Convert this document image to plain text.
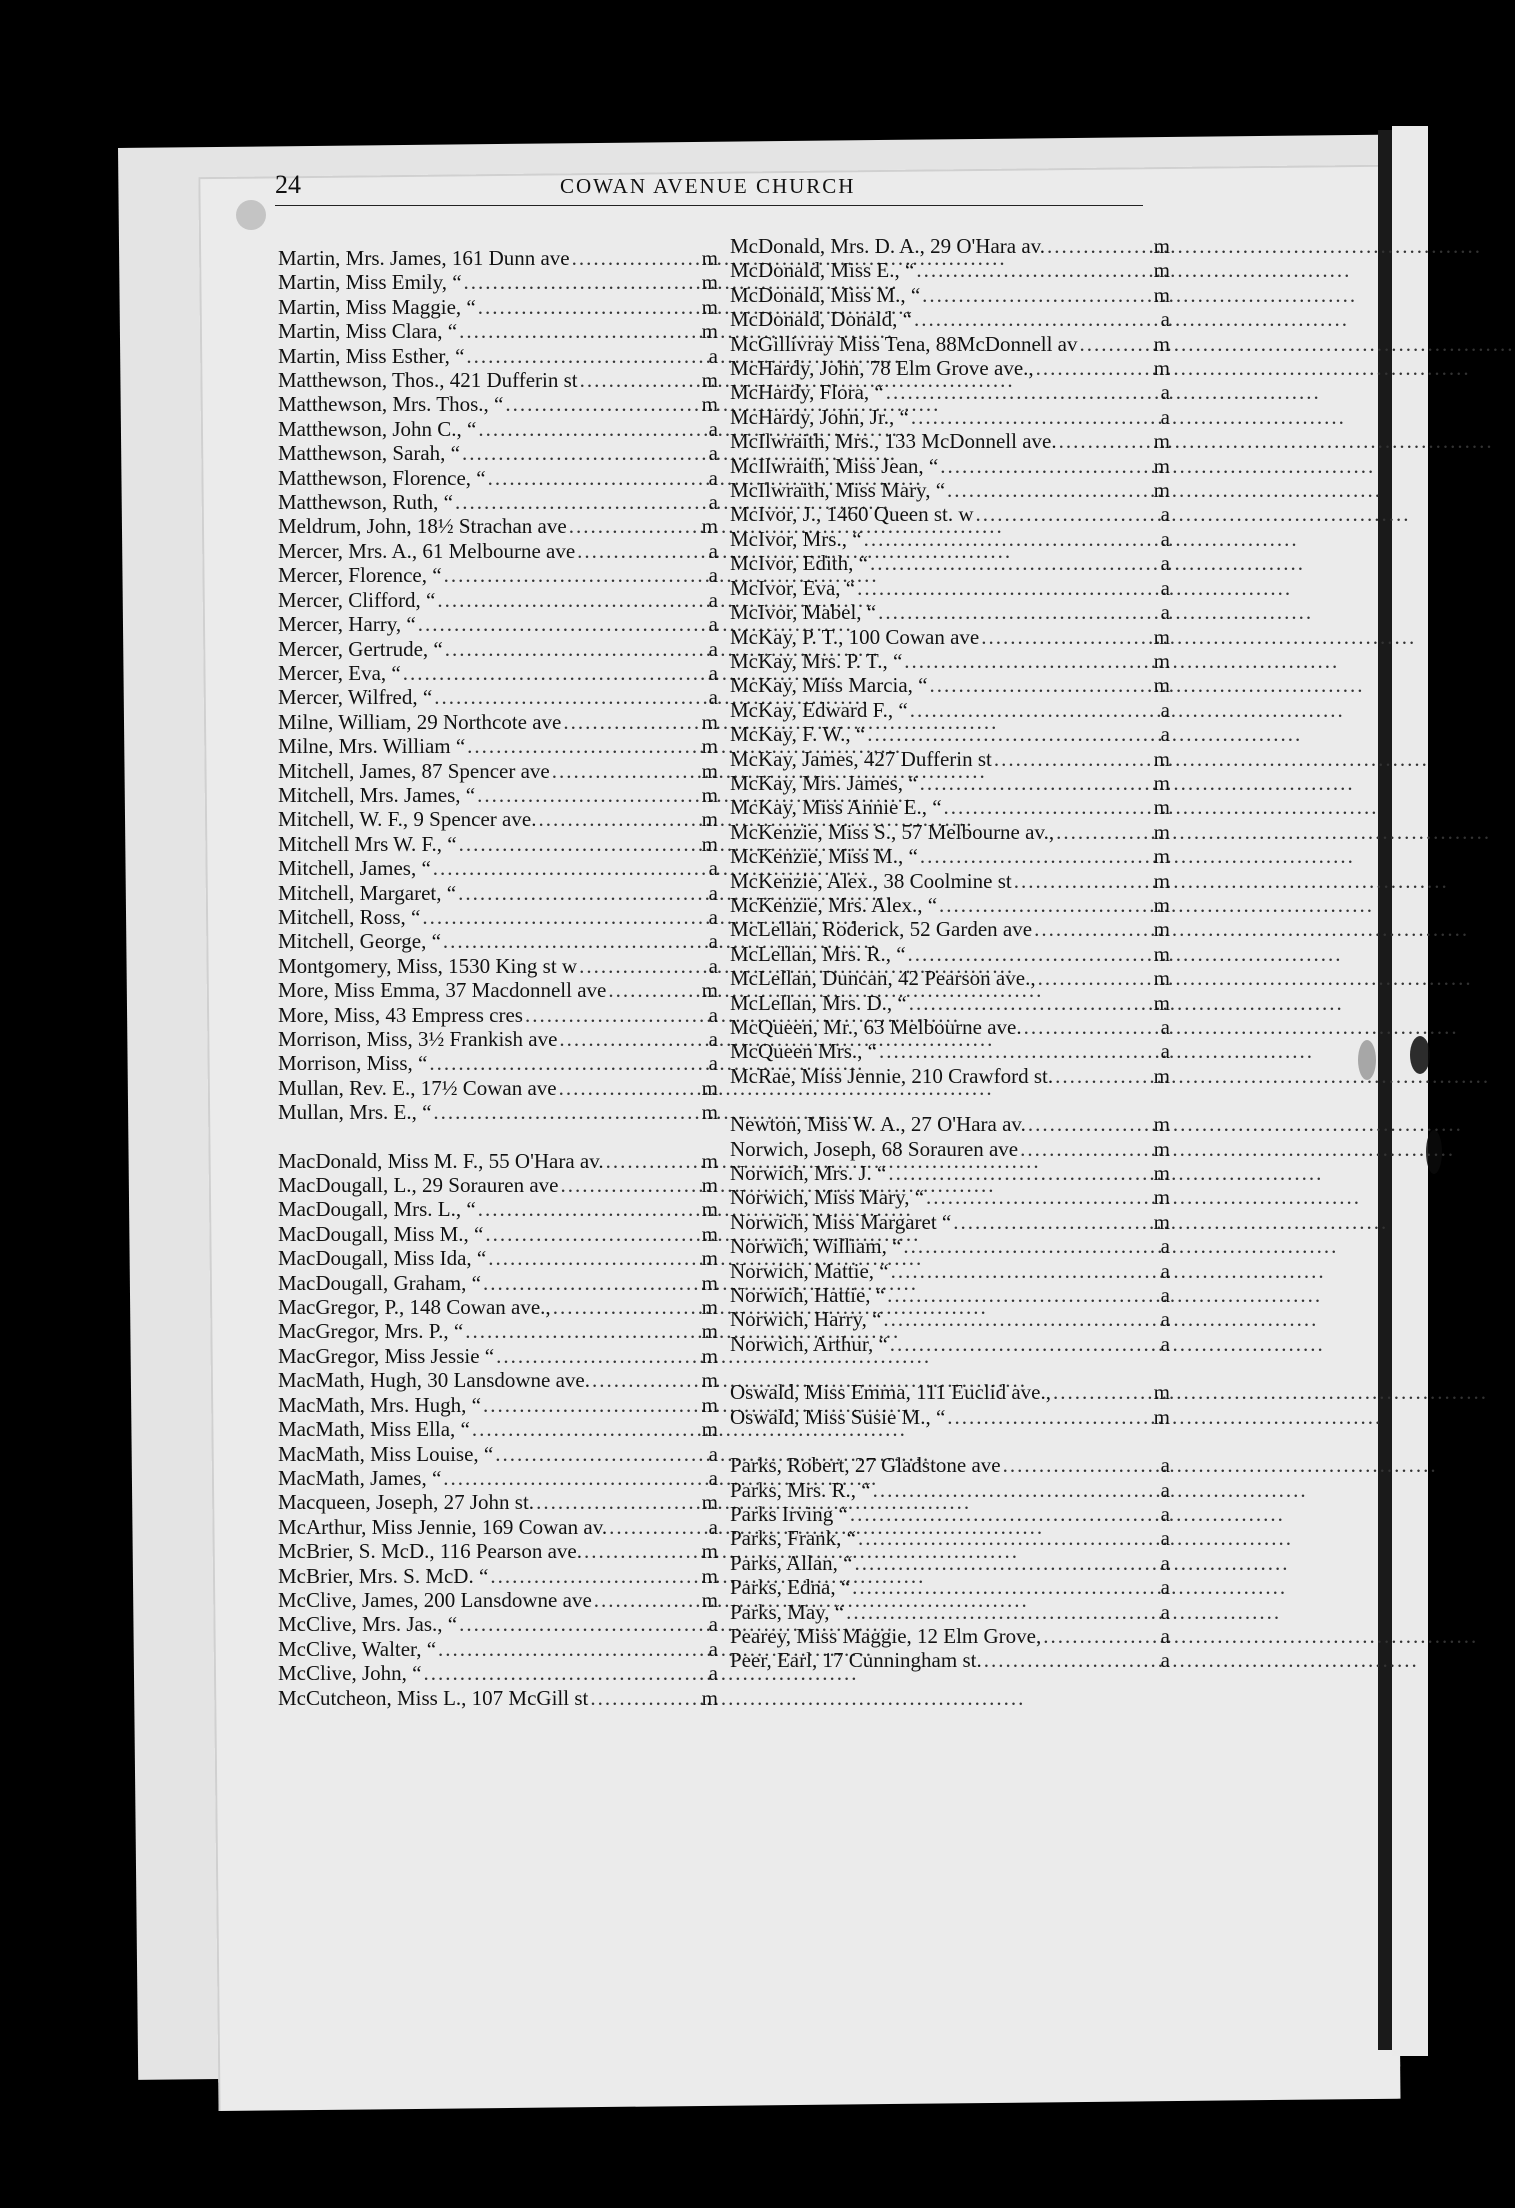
24	COWAN AVENUE CHURCH
Martin, Mrs. James, 161 Dunn ave .....	m
Martin, Miss Emily, “ .....	m
Martin, Miss Maggie, “ .....	m
Martin, Miss Clara, “ .....	m
Martin, Miss Esther, “ .....	a
Matthewson, Thos., 421 Dufferin st .....	m
Matthewson, Mrs. Thos., “ .....	m
Matthewson, John C., “ .....	a
Matthewson, Sarah, “ .....	a
Matthewson, Florence, “ .....	a
Matthewson, Ruth, “ .....	a
Meldrum, John, 18½ Strachan ave .....	m
Mercer, Mrs. A., 61 Melbourne ave .....	a
Mercer, Florence, “ .....	a
Mercer, Clifford, “ .....	a
Mercer, Harry, “ .....	a
Mercer, Gertrude, “ .....	a
Mercer, Eva, “ .....	a
Mercer, Wilfred, “ .....	a
Milne, William, 29 Northcote ave .....	m
Milne, Mrs. William “ .....	m
Mitchell, James, 87 Spencer ave .....	m
Mitchell, Mrs. James, “ .....	m
Mitchell, W. F., 9 Spencer ave. .....	m
Mitchell Mrs W. F., “ .....	m
Mitchell, James, “ .....	a
Mitchell, Margaret, “ .....	a
Mitchell, Ross, “ .....	a
Mitchell, George, “ .....	a
Montgomery, Miss, 1530 King st w .....	a
More, Miss Emma, 37 Macdonnell ave .....	m
More, Miss, 43 Empress cres .....	a
Morrison, Miss, 3½ Frankish ave .....	a
Morrison, Miss, “ .....	a
Mullan, Rev. E., 17½ Cowan ave .....	m
Mullan, Mrs. E., “ .....	m
MacDonald, Miss M. F., 55 O'Hara av. .....	m
MacDougall, L., 29 Sorauren ave .....	m
MacDougall, Mrs. L., “ .....	m
MacDougall, Miss M., “ .....	m
MacDougall, Miss Ida, “ .....	m
MacDougall, Graham, “ .....	m
MacGregor, P., 148 Cowan ave., .....	m
MacGregor, Mrs. P., “ .....	m
MacGregor, Miss Jessie “ .....	m
MacMath, Hugh, 30 Lansdowne ave. .....	m
MacMath, Mrs. Hugh, “ .....	m
MacMath, Miss Ella, “ .....	m
MacMath, Miss Louise, “ .....	a
MacMath, James, “ .....	a
Macqueen, Joseph, 27 John st. .....	m
McArthur, Miss Jennie, 169 Cowan av. .....	a
McBrier, S. McD., 116 Pearson ave. .....	m
McBrier, Mrs. S. McD. “ .....	m
McClive, James, 200 Lansdowne ave .....	m
McClive, Mrs. Jas., “ .....	a
McClive, Walter, “ .....	a
McClive, John, “ .....	a
McCutcheon, Miss L., 107 McGill st .....	m
McDonald, Mrs. D. A., 29 O'Hara av. .....	m
McDonald, Miss E., “ .....	m
McDonald, Miss M., “ .....	m
McDonald, Donald, “ .....	a
McGillivray Miss Tena, 88McDonnell av .....	m
McHardy, John, 78 Elm Grove ave., .....	m
McHardy, Flora, “ .....	a
McHardy, John, Jr., “ .....	a
McIlwraith, Mrs., 133 McDonnell ave. .....	m
McIlwraith, Miss Jean, “ .....	m
McIlwraith, Miss Mary, “ .....	m
McIvor, J., 1460 Queen st. w .....	a
McIvor, Mrs., “ .....	a
McIvor, Edith, “ .....	a
McIvor, Eva, “ .....	a
McIvor, Mabel, “ .....	a
McKay, P. T., 100 Cowan ave .....	m
McKay, Mrs. P. T., “ .....	m
McKay, Miss Marcia, “ .....	m
McKay, Edward F., “ .....	a
McKay, F. W., “ .....	a
McKay, James, 427 Dufferin st .....	m
McKay, Mrs. James, “ .....	m
McKay, Miss Annie E., “ .....	m
McKenzie, Miss S., 57 Melbourne av., .....	m
McKenzie, Miss M., “ .....	m
McKenzie, Alex., 38 Coolmine st .....	m
McKenzie, Mrs. Alex., “ .....	m
McLellan, Roderick, 52 Garden ave .....	m
McLellan, Mrs. R., “ .....	m
McLellan, Duncan, 42 Pearson ave., .....	m
McLellan, Mrs. D., “ .....	m
McQueen, Mr., 63 Melbourne ave. .....	a
McQueen Mrs., “ .....	a
McRae, Miss Jennie, 210 Crawford st. .....	m
Newton, Miss W. A., 27 O'Hara av. .....	m
Norwich, Joseph, 68 Sorauren ave .....	m
Norwich, Mrs. J. “ .....	m
Norwich, Miss Mary, “ .....	m
Norwich, Miss Margaret “ .....	m
Norwich, William, “ .....	a
Norwich, Mattie, “ .....	a
Norwich, Hattie, “ .....	a
Norwich, Harry, “ .....	a
Norwich, Arthur, “ .....	a
Oswald, Miss Emma, 111 Euclid ave., .....	m
Oswald, Miss Susie M., “ .....	m
Parks, Robert, 27 Gladstone ave .....	a
Parks, Mrs. R., “ .....	a
Parks Irving “ .....	a
Parks, Frank, “ .....	a
Parks, Allan, “ .....	a
Parks, Edna, “ .....	a
Parks, May, “ .....	a
Pearey, Miss Maggie, 12 Elm Grove, .....	a
Peer, Earl, 17 Cunningham st. .....	a
